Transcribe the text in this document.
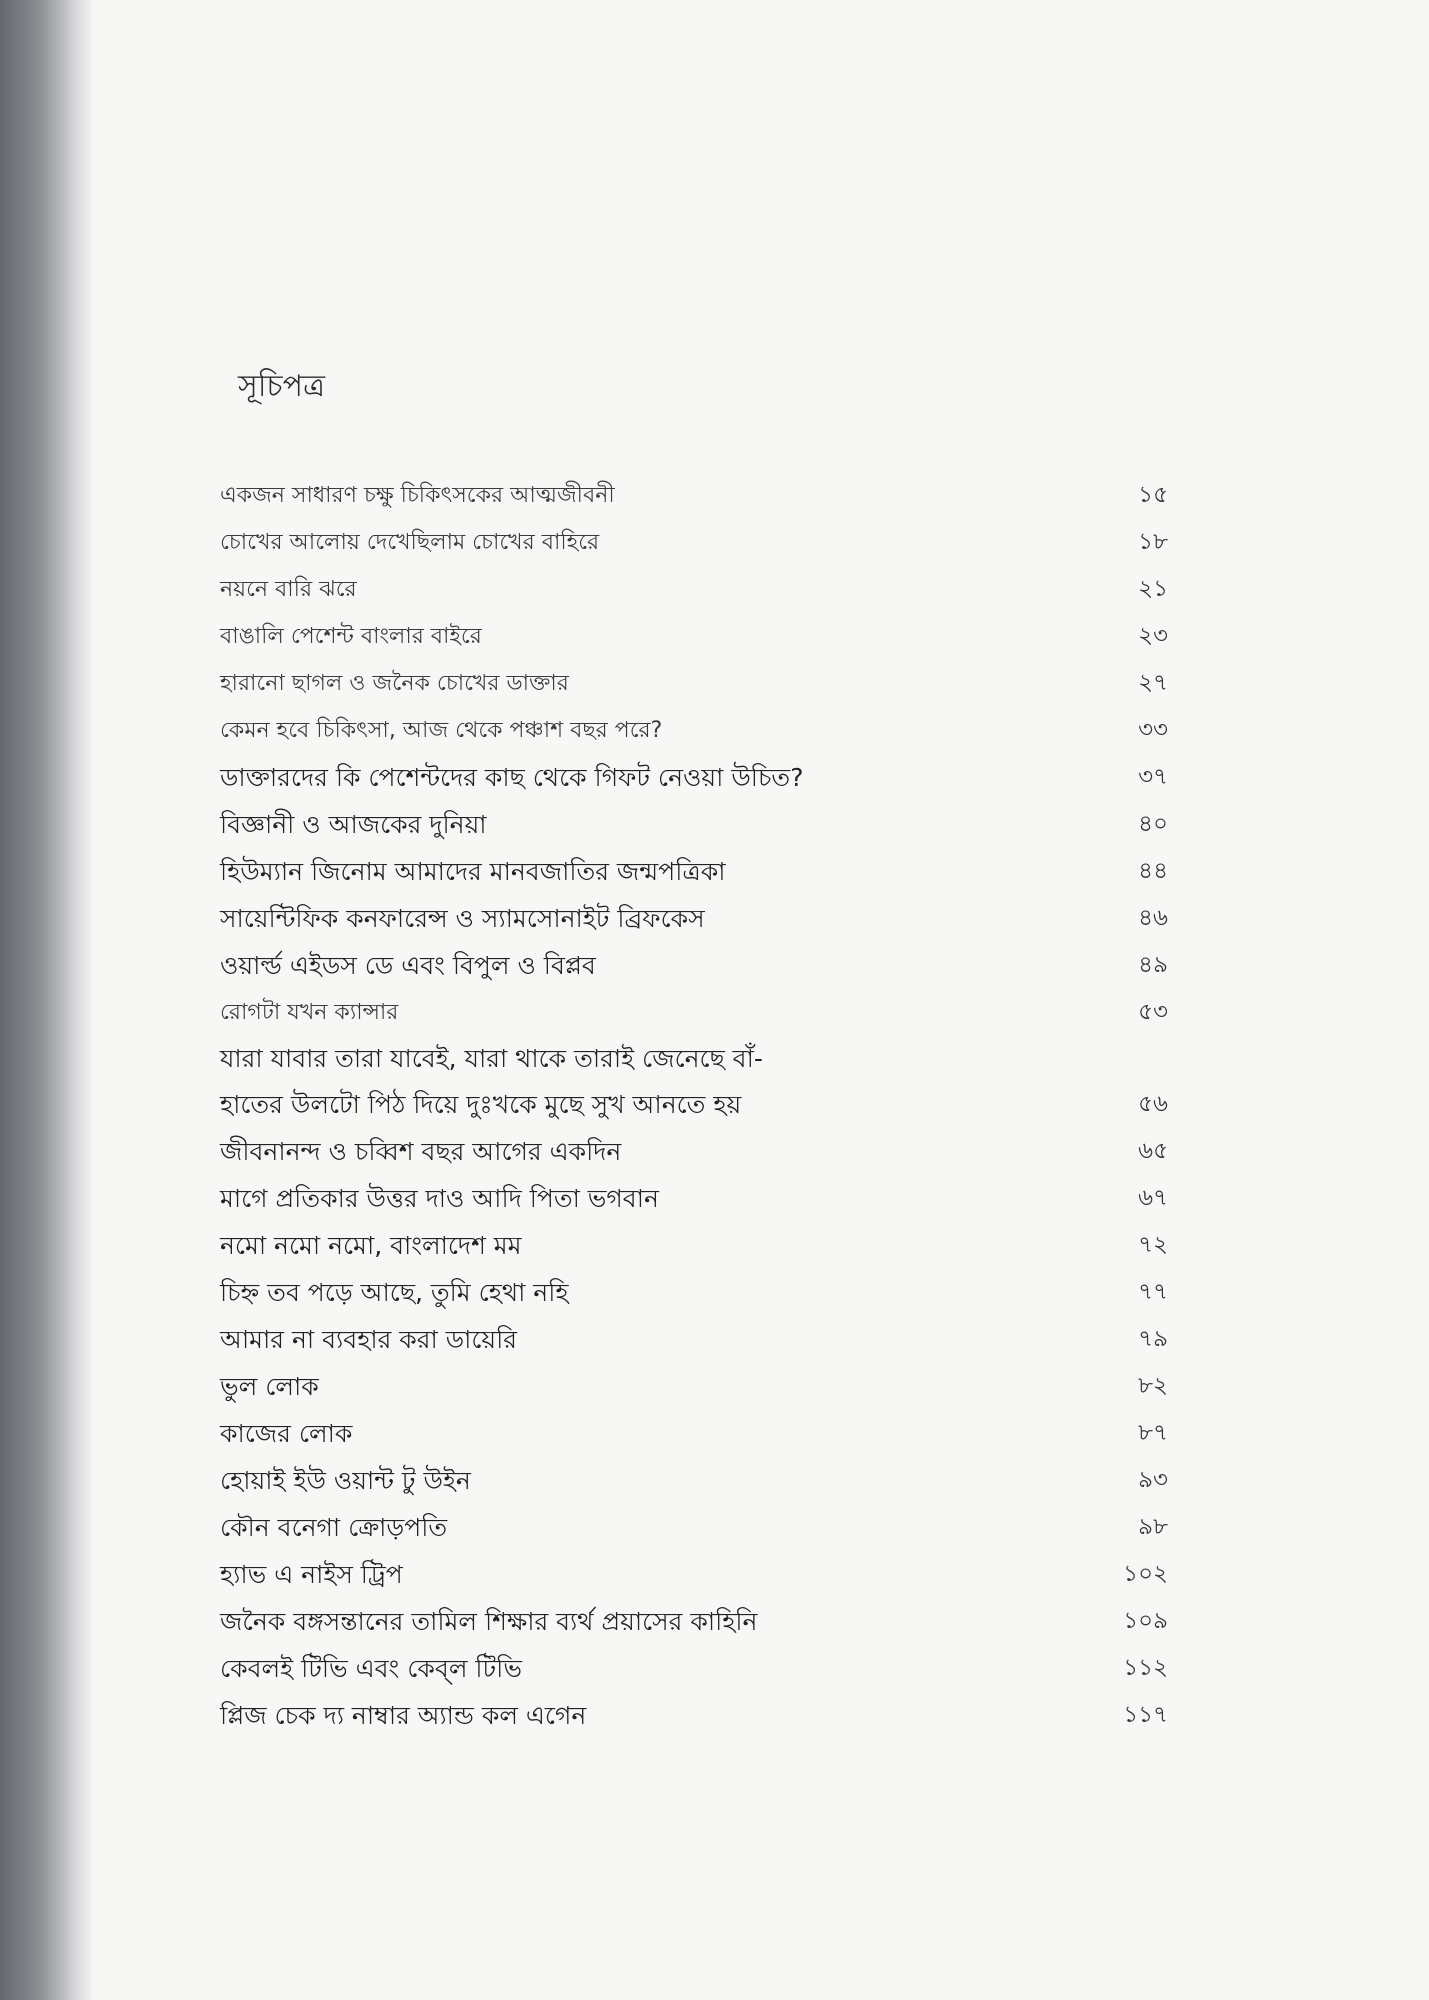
সূচিপত্র
একজন সাধারণ চক্ষু চিকিৎসকের আত্মজীবনী	১৫
চোখের আলোয় দেখেছিলাম চোখের বাহিরে	১৮
নয়নে বারি ঝরে	২১
বাঙালি পেশেন্ট বাংলার বাইরে	২৩
হারানো ছাগল ও জনৈক চোখের ডাক্তার	২৭
কেমন হবে চিকিৎসা, আজ থেকে পঞ্চাশ বছর পরে?	৩৩
ডাক্তারদের কি পেশেন্টদের কাছ থেকে গিফট নেওয়া উচিত?	৩৭
বিজ্ঞানী ও আজকের দুনিয়া	৪০
হিউম্যান জিনোম আমাদের মানবজাতির জন্মপত্রিকা	৪৪
সায়েন্টিফিক কনফারেন্স ও স্যামসোনাইট ব্রিফকেস	৪৬
ওয়ার্ল্ড এইডস ডে এবং বিপুল ও বিপ্লব	৪৯
রোগটা যখন ক্যান্সার	৫৩
যারা যাবার তারা যাবেই, যারা থাকে তারাই জেনেছে বাঁ-
হাতের উলটো পিঠ দিয়ে দুঃখকে মুছে সুখ আনতে হয়	৫৬
জীবনানন্দ ও চব্বিশ বছর আগের একদিন	৬৫
মাগে প্রতিকার উত্তর দাও আদি পিতা ভগবান	৬৭
নমো নমো নমো, বাংলাদেশ মম	৭২
চিহ্ন তব পড়ে আছে, তুমি হেথা নহি	৭৭
আমার না ব্যবহার করা ডায়েরি	৭৯
ভুল লোক	৮২
কাজের লোক	৮৭
হোয়াই ইউ ওয়ান্ট টু উইন	৯৩
কৌন বনেগা ক্রোড়পতি	৯৮
হ্যাভ এ নাইস ট্রিপ	১০২
জনৈক বঙ্গসন্তানের তামিল শিক্ষার ব্যর্থ প্রয়াসের কাহিনি	১০৯
কেবলই টিভি এবং কেব্‌ল টিভি	১১২
প্লিজ চেক দ্য নাম্বার অ্যান্ড কল এগেন	১১৭
